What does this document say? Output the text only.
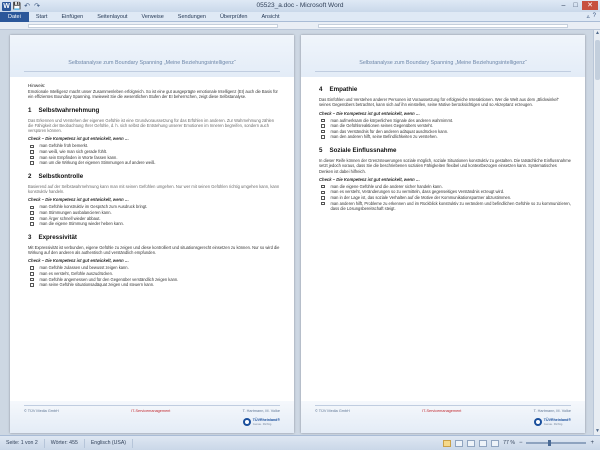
W 💾 ↶ ↷	05523_a.doc - Microsoft Word	–	□	✕
Datei	Start	Einfügen	Seitenlayout	Verweise	Sendungen	Überprüfen	Ansicht	▵ ?
Selbstanalyse zum Boundary Spanning „Meine Beziehungsintelligenz“
Hinweis:
Emotionale Intelligenz macht unser Zusammenleben erfolgreich. So ist eine gut ausgeprägte emotionale Intelligenz (EI) auch die Basis für ein effizientes Boundary Spanning. Inwieweit Sie die wesentlichen Stufen der EI beherrschen, zeigt diese Selbstanalyse.
1 Selbstwahrnehmung
Das Erkennen und Verstehen der eigenen Gefühle ist eine Grundvoraussetzung für das Erfühlen im anderen. Zur Wahrnehmung zählen die Fähigkeit der Beobachtung Ihrer Gefühle, d. h. sich selbst die Entstehung unserer Emotionen im Inneren begreifen, sondern auch verspüren können.
Check – Die Kompetenz ist gut entwickelt, wenn …
man Gefühle früh bemerkt.
man weiß, wie man sich gerade fühlt.
man sein Empfinden in Worte fassen kann.
man um die Wirkung der eigenen Stimmungen auf andere weiß.
2 Selbstkontrolle
Basierend auf der Selbstwahrnehmung kann man mit seinen Gefühlen umgehen. Nur wer mit seinen Gefühlen richtig umgehen kann, kann konstruktiv handeln.
Check – Die Kompetenz ist gut entwickelt, wenn …
man Gefühle konstruktiv im Gespräch zum Ausdruck bringt.
man Stimmungen ausbalancieren kann.
man Ärger schnell wieder abbaut.
man die eigene Stimmung wieder heben kann.
3 Expressivität
Mit Expressivität ist verbunden, eigene Gefühle zu zeigen und diese kontrolliert und situationsgerecht einsetzen zu können. Nur so wird die Wirkung auf den anderen als authentisch und verständlich empfunden.
Check – Die Kompetenz ist gut entwickelt, wenn …
man Gefühle zulassen und bewusst zeigen kann.
man es versteht, Gefühle auszudrücken.
man Gefühle angemessen und für den Gegenüber verständlich zeigen kann.
man seine Gefühle situationsadäquat zeigen und steuern kann.
© TÜV Media GmbH	IT-Servicemanagement	T. Hartmann, M. Volke
TÜVRheinland®
Genau. Richtig.
Selbstanalyse zum Boundary Spanning „Meine Beziehungsintelligenz“
4 Empathie
Das Einfühlen und Verstehen anderer Personen ist Voraussetzung für erfolgreiche Interaktionen. Wer die Welt aus dem „Blickwinkel“ seines Gegenübers betrachtet, kann sich auf ihn einstellen, seine Motive berücksichtigen und so Akzeptanz erzeugen.
Check – Die Kompetenz ist gut entwickelt, wenn …
man aufmerksam die körperlichen Signale des anderen wahrnimmt.
man die Gefühlsreaktionen seines Gegenübers versteht.
man das Verständnis für den anderen adäquat ausdrücken kann.
man den anderen hilft, seine Befindlichkeiten zu verstehen.
5 Soziale Einflussnahme
In dieser Reife können der Grenzsteuerungen soziale möglich, soziale Situationen konstruktiv zu gestalten. Die tatsächliche Einflussnahme setzt jedoch voraus, dass Sie die beschriebenen sozialen Fähigkeiten flexibel und kontextbezogen einsetzen kann. Systematisches Denken ist dabei hilfreich.
Check – Die Kompetenz ist gut entwickelt, wenn …
man die eigene Gefühle und die anderer sicher handeln kann.
man es versteht, Veränderungen so zu vermitteln, dass gegenseitiges Verständnis erzeugt wird.
man in der Lage ist, das soziale Verhalten auf die Motive der Kommunikationspartner abzustimmen.
man anderen hilft, Probleme zu erkennen und im Rückblick konstruktiv zu verändern und befindlichen Gefühle so zu kommunizieren, dass die Lösungsbereitschaft steigt.
© TÜV Media GmbH	IT-Servicemanagement	T. Hartmann, M. Volke
TÜVRheinland®
Genau. Richtig.
▲
▼
Seite: 1 von 2	Wörter: 455	Englisch (USA)	77 % −	+
